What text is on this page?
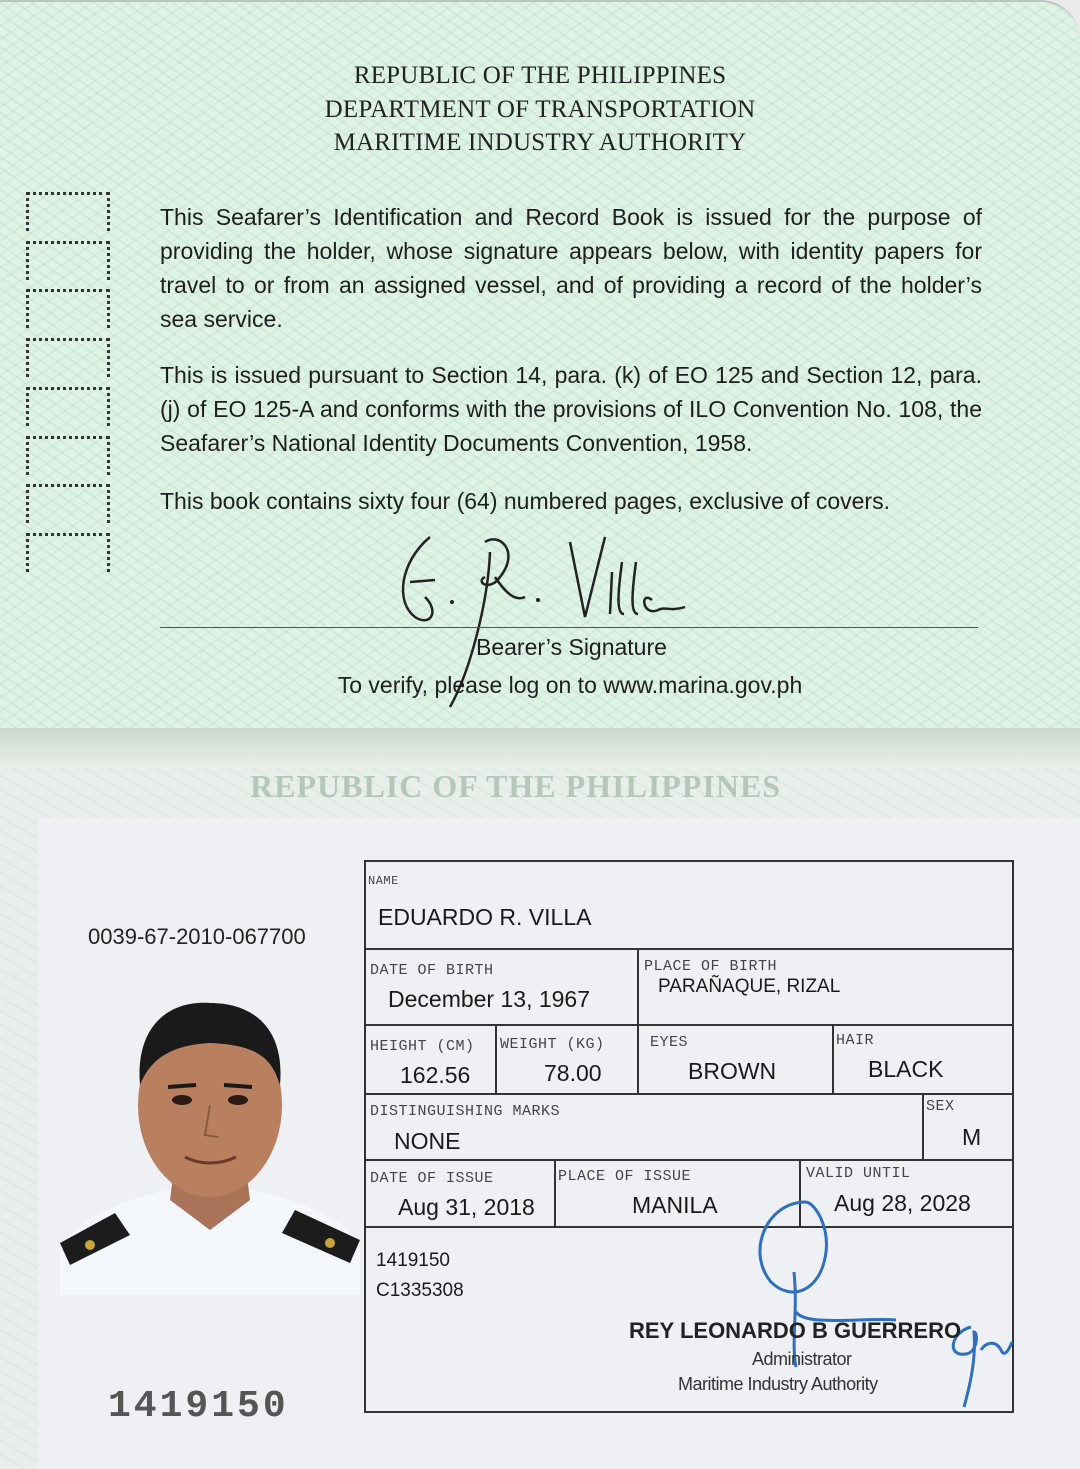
REPUBLIC OF THE PHILIPPINES
DEPARTMENT OF TRANSPORTATION
MARITIME INDUSTRY AUTHORITY
This Seafarer’s Identification and Record Book is issued for the purpose of providing the holder, whose signature appears below, with identity papers for travel to or from an assigned vessel, and of providing a record of the holder’s sea service.
This is issued pursuant to Section 14, para. (k) of EO 125 and Section 12, para. (j) of EO 125-A and conforms with the provisions of ILO Convention No. 108, the Seafarer’s National Identity Documents Convention, 1958.
This book contains sixty four (64) numbered pages, exclusive of covers.
Bearer’s Signature
To verify, please log on to www.marina.gov.ph
REPUBLIC OF THE PHILIPPINES
0039-67-2010-067700
1419150
NAME
EDUARDO R. VILLA
DATE OF BIRTH
December 13, 1967
PLACE OF BIRTH
PARAÑAQUE, RIZAL
HEIGHT (CM)
162.56
WEIGHT (KG)
78.00
EYES
BROWN
HAIR
BLACK
DISTINGUISHING MARKS
NONE
SEX
M
DATE OF ISSUE
Aug 31, 2018
PLACE OF ISSUE
MANILA
VALID UNTIL
Aug 28, 2028
1419150
C1335308
REY LEONARDO B GUERRERO
Administrator
Maritime Industry Authority
